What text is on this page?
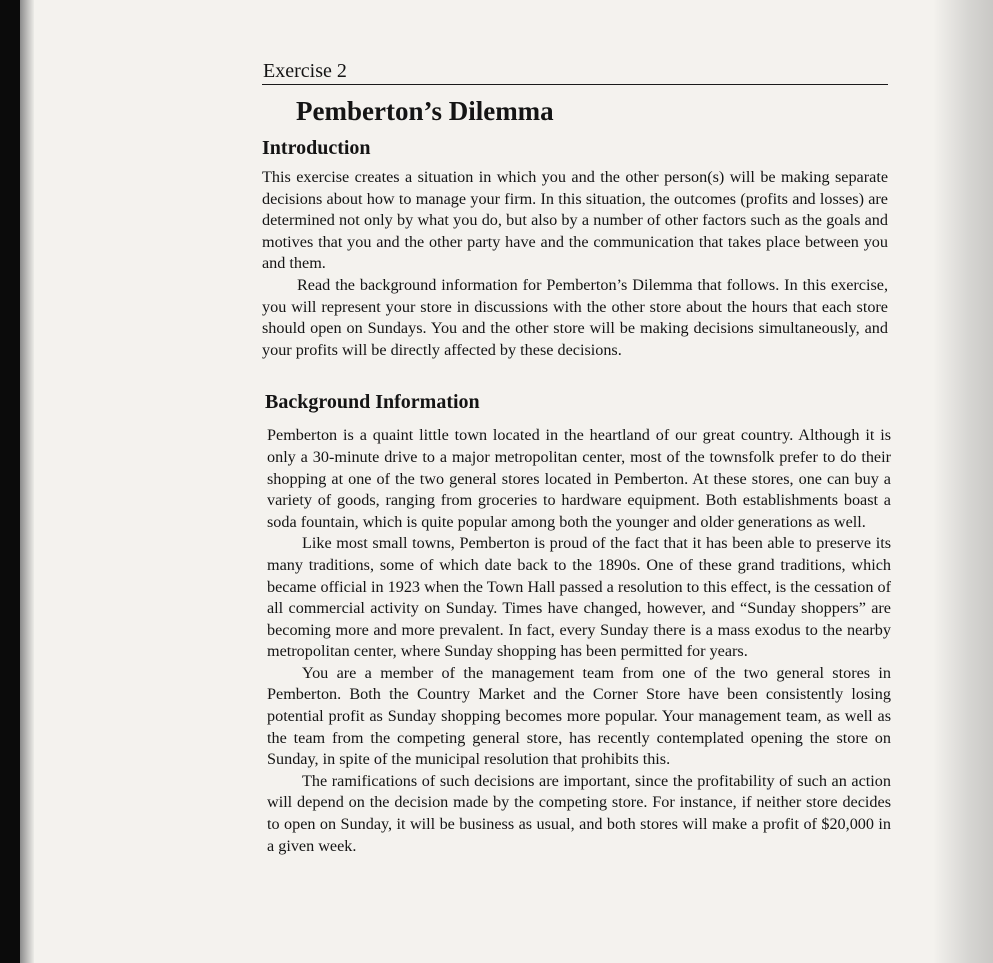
Exercise 2
Pemberton’s Dilemma
Introduction

This exercise creates a situation in which you and the other person(s) will be making separate decisions about how to manage your firm. In this situation, the outcomes (profits and losses) are determined not only by what you do, but also by a number of other factors such as the goals and motives that you and the other party have and the communication that takes place between you and them.

Read the background information for Pemberton’s Dilemma that follows. In this exercise, you will represent your store in discussions with the other store about the hours that each store should open on Sundays. You and the other store will be making decisions simultaneously, and your profits will be directly affected by these decisions.

Background Information

Pemberton is a quaint little town located in the heartland of our great country. Although it is only a 30-minute drive to a major metropolitan center, most of the townsfolk prefer to do their shopping at one of the two general stores located in Pemberton. At these stores, one can buy a variety of goods, ranging from groceries to hardware equipment. Both establishments boast a soda fountain, which is quite popular among both the younger and older generations as well.

Like most small towns, Pemberton is proud of the fact that it has been able to preserve its many traditions, some of which date back to the 1890s. One of these grand traditions, which became official in 1923 when the Town Hall passed a resolution to this effect, is the cessation of all commercial activity on Sunday. Times have changed, however, and “Sunday shoppers” are becoming more and more prevalent. In fact, every Sunday there is a mass exodus to the nearby metropolitan center, where Sunday shopping has been permitted for years.

You are a member of the management team from one of the two general stores in Pemberton. Both the Country Market and the Corner Store have been consistently losing potential profit as Sunday shopping becomes more popular. Your management team, as well as the team from the competing general store, has recently contemplated opening the store on Sunday, in spite of the municipal resolution that prohibits this.

The ramifications of such decisions are important, since the profitability of such an action will depend on the decision made by the competing store. For instance, if neither store decides to open on Sunday, it will be business as usual, and both stores will make a profit of $20,000 in a given week.
